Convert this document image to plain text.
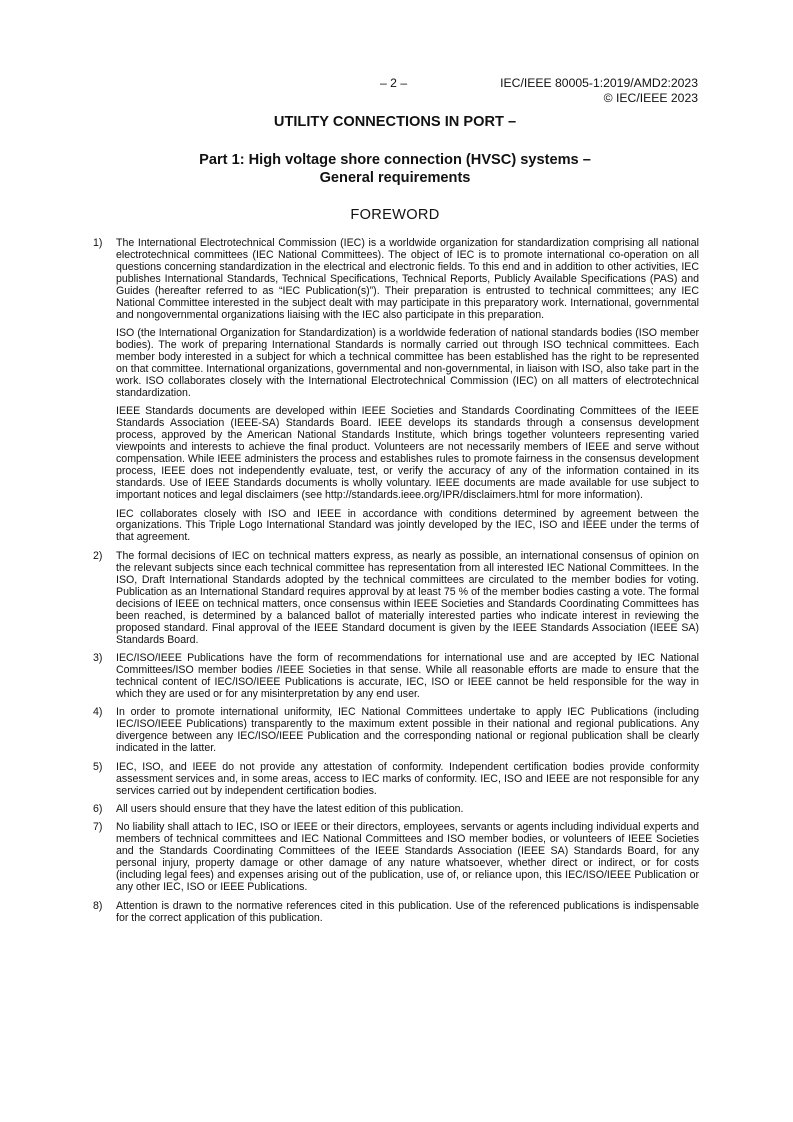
– 2 –	IEC/IEEE 80005-1:2019/AMD2:2023
© IEC/IEEE 2023
UTILITY CONNECTIONS IN PORT –
Part 1: High voltage shore connection (HVSC) systems –
General requirements
FOREWORD
1)	The International Electrotechnical Commission (IEC) is a worldwide organization for standardization comprising all national electrotechnical committees (IEC National Committees). The object of IEC is to promote international co-operation on all questions concerning standardization in the electrical and electronic fields. To this end and in addition to other activities, IEC publishes International Standards, Technical Specifications, Technical Reports, Publicly Available Specifications (PAS) and Guides (hereafter referred to as “IEC Publication(s)”). Their preparation is entrusted to technical committees; any IEC National Committee interested in the subject dealt with may participate in this preparatory work. International, governmental and nongovernmental organizations liaising with the IEC also participate in this preparation.

ISO (the International Organization for Standardization) is a worldwide federation of national standards bodies (ISO member bodies). The work of preparing International Standards is normally carried out through ISO technical committees. Each member body interested in a subject for which a technical committee has been established has the right to be represented on that committee. International organizations, governmental and non-governmental, in liaison with ISO, also take part in the work. ISO collaborates closely with the International Electrotechnical Commission (IEC) on all matters of electrotechnical standardization.

IEEE Standards documents are developed within IEEE Societies and Standards Coordinating Committees of the IEEE Standards Association (IEEE-SA) Standards Board. IEEE develops its standards through a consensus development process, approved by the American National Standards Institute, which brings together volunteers representing varied viewpoints and interests to achieve the final product. Volunteers are not necessarily members of IEEE and serve without compensation. While IEEE administers the process and establishes rules to promote fairness in the consensus development process, IEEE does not independently evaluate, test, or verify the accuracy of any of the information contained in its standards. Use of IEEE Standards documents is wholly voluntary. IEEE documents are made available for use subject to important notices and legal disclaimers (see http://standards.ieee.org/IPR/disclaimers.html for more information).

IEC collaborates closely with ISO and IEEE in accordance with conditions determined by agreement between the organizations. This Triple Logo International Standard was jointly developed by the IEC, ISO and IEEE under the terms of that agreement.

2)	The formal decisions of IEC on technical matters express, as nearly as possible, an international consensus of opinion on the relevant subjects since each technical committee has representation from all interested IEC National Committees. In the ISO, Draft International Standards adopted by the technical committees are circulated to the member bodies for voting. Publication as an International Standard requires approval by at least 75 % of the member bodies casting a vote. The formal decisions of IEEE on technical matters, once consensus within IEEE Societies and Standards Coordinating Committees has been reached, is determined by a balanced ballot of materially interested parties who indicate interest in reviewing the proposed standard. Final approval of the IEEE Standard document is given by the IEEE Standards Association (IEEE SA) Standards Board.

3)	IEC/ISO/IEEE Publications have the form of recommendations for international use and are accepted by IEC National Committees/ISO member bodies /IEEE Societies in that sense. While all reasonable efforts are made to ensure that the technical content of IEC/ISO/IEEE Publications is accurate, IEC, ISO or IEEE cannot be held responsible for the way in which they are used or for any misinterpretation by any end user.

4)	In order to promote international uniformity, IEC National Committees undertake to apply IEC Publications (including IEC/ISO/IEEE Publications) transparently to the maximum extent possible in their national and regional publications. Any divergence between any IEC/ISO/IEEE Publication and the corresponding national or regional publication shall be clearly indicated in the latter.

5)	IEC, ISO, and IEEE do not provide any attestation of conformity. Independent certification bodies provide conformity assessment services and, in some areas, access to IEC marks of conformity. IEC, ISO and IEEE are not responsible for any services carried out by independent certification bodies.

6)	All users should ensure that they have the latest edition of this publication.

7)	No liability shall attach to IEC, ISO or IEEE or their directors, employees, servants or agents including individual experts and members of technical committees and IEC National Committees and ISO member bodies, or volunteers of IEEE Societies and the Standards Coordinating Committees of the IEEE Standards Association (IEEE SA) Standards Board, for any personal injury, property damage or other damage of any nature whatsoever, whether direct or indirect, or for costs (including legal fees) and expenses arising out of the publication, use of, or reliance upon, this IEC/ISO/IEEE Publication or any other IEC, ISO or IEEE Publications.

8)	Attention is drawn to the normative references cited in this publication. Use of the referenced publications is indispensable for the correct application of this publication.
